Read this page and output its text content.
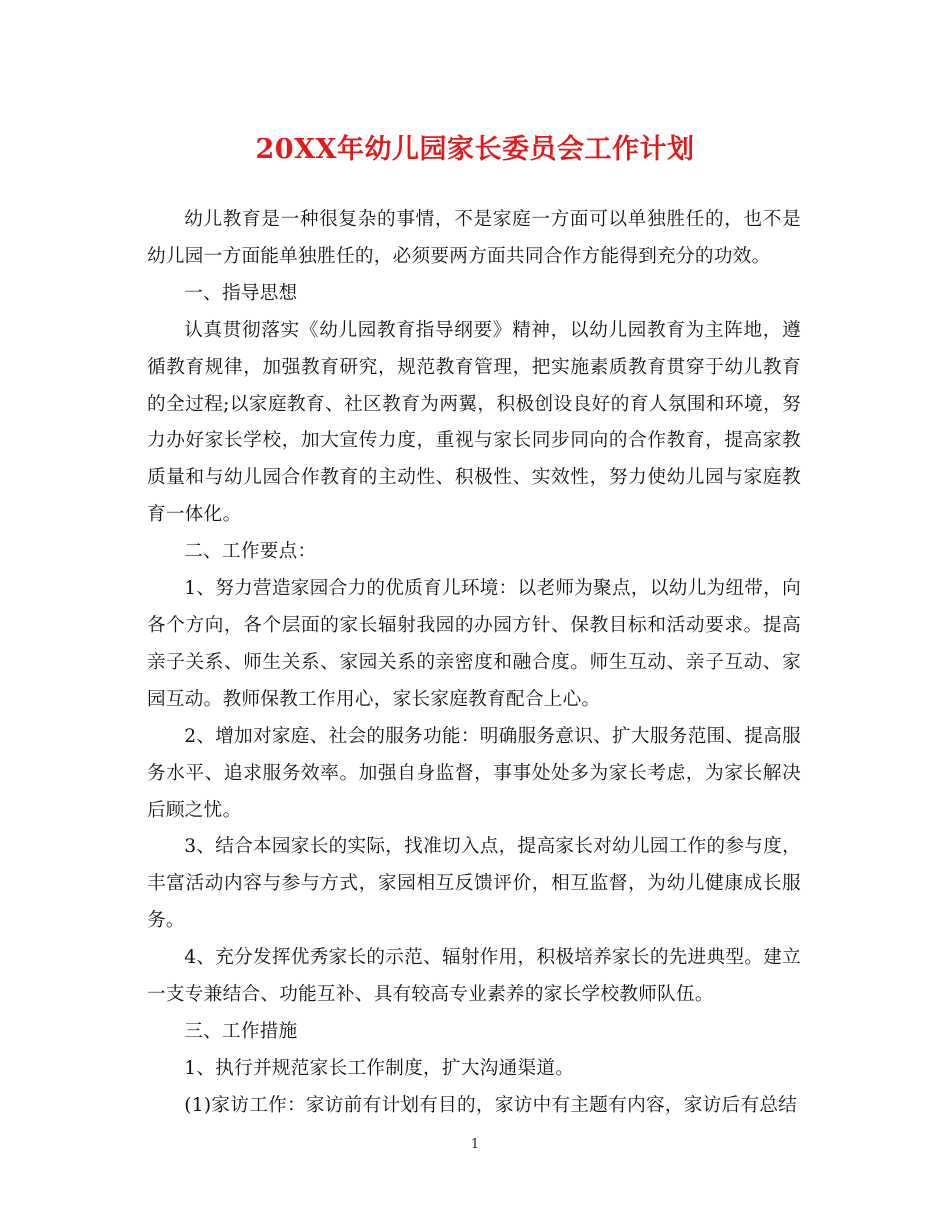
20XX年幼儿园家长委员会工作计划

幼儿教育是一种很复杂的事情，不是家庭一方面可以单独胜任的，也不是幼儿园一方面能单独胜任的，必须要两方面共同合作方能得到充分的功效。

一、指导思想

认真贯彻落实《幼儿园教育指导纲要》精神，以幼儿园教育为主阵地，遵循教育规律，加强教育研究，规范教育管理，把实施素质教育贯穿于幼儿教育的全过程;以家庭教育、社区教育为两翼，积极创设良好的育人氛围和环境，努力办好家长学校，加大宣传力度，重视与家长同步同向的合作教育，提高家教质量和与幼儿园合作教育的主动性、积极性、实效性，努力使幼儿园与家庭教育一体化。

二、工作要点：

1、努力营造家园合力的优质育儿环境：以老师为聚点，以幼儿为纽带，向各个方向，各个层面的家长辐射我园的办园方针、保教目标和活动要求。提高亲子关系、师生关系、家园关系的亲密度和融合度。师生互动、亲子互动、家园互动。教师保教工作用心，家长家庭教育配合上心。

2、增加对家庭、社会的服务功能：明确服务意识、扩大服务范围、提高服务水平、追求服务效率。加强自身监督，事事处处多为家长考虑，为家长解决后顾之忧。

3、结合本园家长的实际，找准切入点，提高家长对幼儿园工作的参与度，丰富活动内容与参与方式，家园相互反馈评价，相互监督，为幼儿健康成长服务。

4、充分发挥优秀家长的示范、辐射作用，积极培养家长的先进典型。建立一支专兼结合、功能互补、具有较高专业素养的家长学校教师队伍。

三、工作措施

1、执行并规范家长工作制度，扩大沟通渠道。

(1)家访工作：家访前有计划有目的，家访中有主题有内容，家访后有总结

1
